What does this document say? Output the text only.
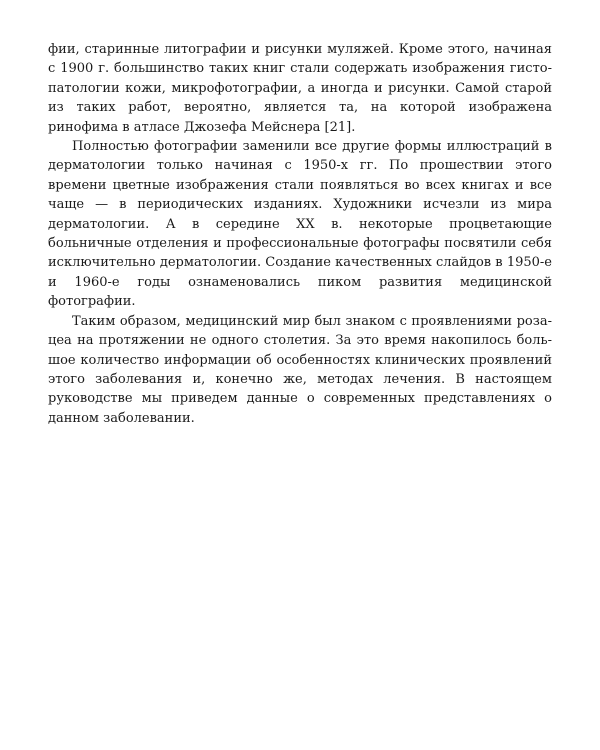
фии, старинные литографии и рисунки муляжей. Кроме этого, начиная с 1900 г. большинство таких книг стали содержать изображения гистопатологии кожи, микрофотографии, а иногда и рисунки. Самой старой из таких работ, вероятно, является та, на которой изображена ринофима в атласе Джозефа Мейснера [21].

Полностью фотографии заменили все другие формы иллюстраций в дерматологии только начиная с 1950-х гг. По прошествии этого времени цветные изображения стали появляться во всех книгах и все чаще — в периодических изданиях. Художники исчезли из мира дерматологии. А в середине XX в. некоторые процветающие больничные отделения и профессиональные фотографы посвятили себя исключительно дерматологии. Создание качественных слайдов в 1950-е и 1960-е годы ознаменовались пиком развития медицинской фотографии.

Таким образом, медицинский мир был знаком с проявлениями розацеа на протяжении не одного столетия. За это время накопилось большое количество информации об особенностях клинических проявлений этого заболевания и, конечно же, методах лечения. В настоящем руководстве мы приведем данные о современных представлениях о данном заболевании.
